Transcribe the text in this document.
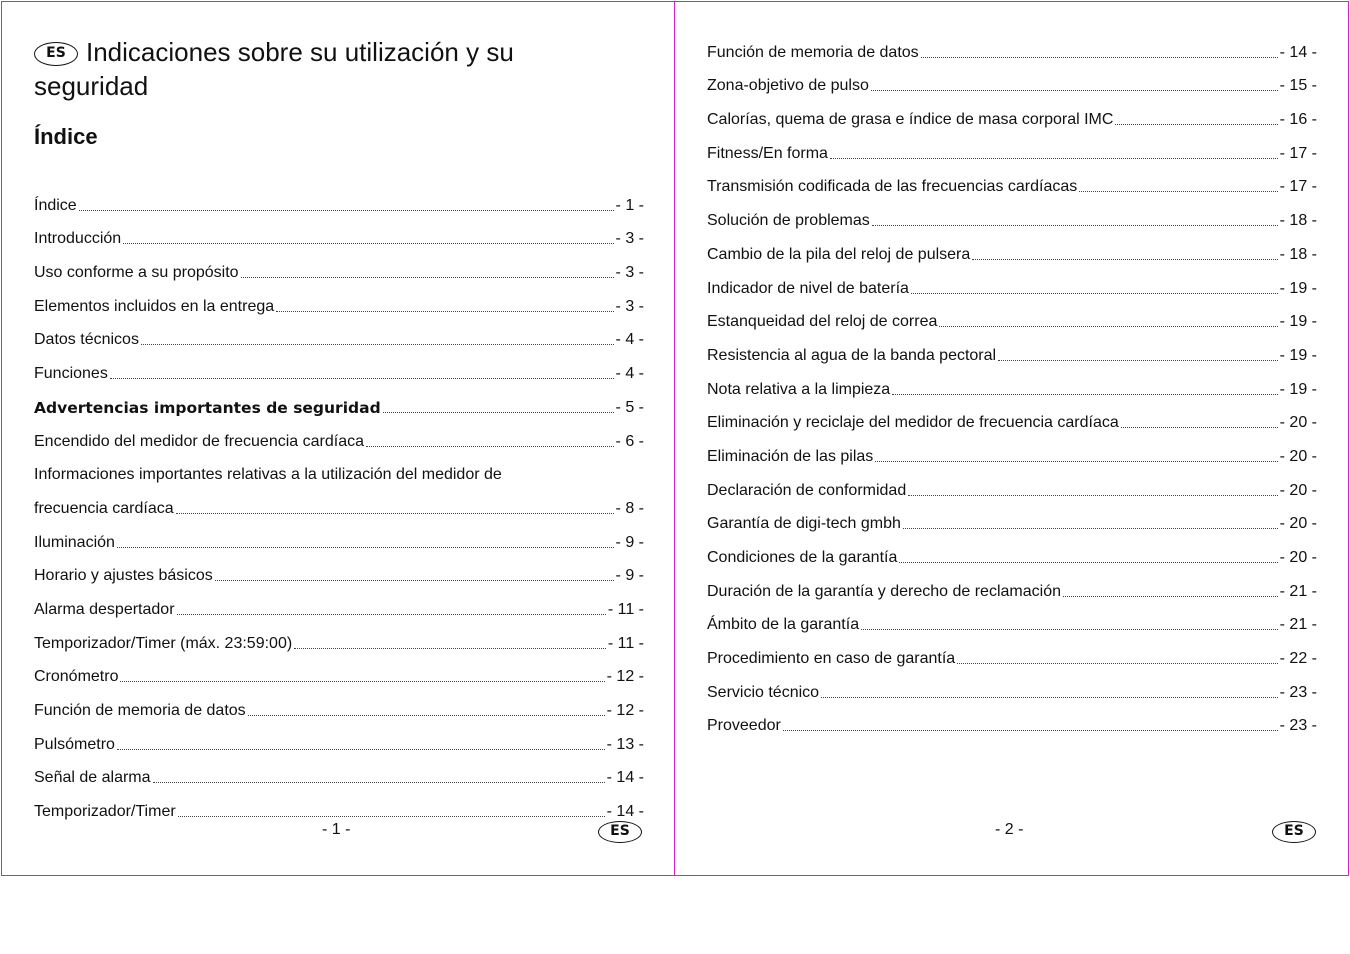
ES Indicaciones sobre su utilización y su seguridad
Índice
Índice	- 1 -
Introducción	- 3 -
Uso conforme a su propósito	- 3 -
Elementos incluidos en la entrega	- 3 -
Datos técnicos	- 4 -
Funciones	- 4 -
Advertencias importantes de seguridad	- 5 -
Encendido del medidor de frecuencia cardíaca	- 6 -
Informaciones importantes relativas a la utilización del medidor de
frecuencia cardíaca	- 8 -
Iluminación	- 9 -
Horario y ajustes básicos	- 9 -
Alarma despertador	- 11 -
Temporizador/Timer (máx. 23:59:00)	- 11 -
Cronómetro	- 12 -
Función de memoria de datos	- 12 -
Pulsómetro	- 13 -
Señal de alarma	- 14 -
Temporizador/Timer	- 14 -
- 1 -	ES
Función de memoria de datos	- 14 -
Zona-objetivo de pulso	- 15 -
Calorías, quema de grasa e índice de masa corporal IMC	- 16 -
Fitness/En forma	- 17 -
Transmisión codificada de las frecuencias cardíacas	- 17 -
Solución de problemas	- 18 -
Cambio de la pila del reloj de pulsera	- 18 -
Indicador de nivel de batería	- 19 -
Estanqueidad del reloj de correa	- 19 -
Resistencia al agua de la banda pectoral	- 19 -
Nota relativa a la limpieza	- 19 -
Eliminación y reciclaje del medidor de frecuencia cardíaca	- 20 -
Eliminación de las pilas	- 20 -
Declaración de conformidad	- 20 -
Garantía de digi-tech gmbh	- 20 -
Condiciones de la garantía	- 20 -
Duración de la garantía y derecho de reclamación	- 21 -
Ámbito de la garantía	- 21 -
Procedimiento en caso de garantía	- 22 -
Servicio técnico	- 23 -
Proveedor	- 23 -
- 2 -	ES
